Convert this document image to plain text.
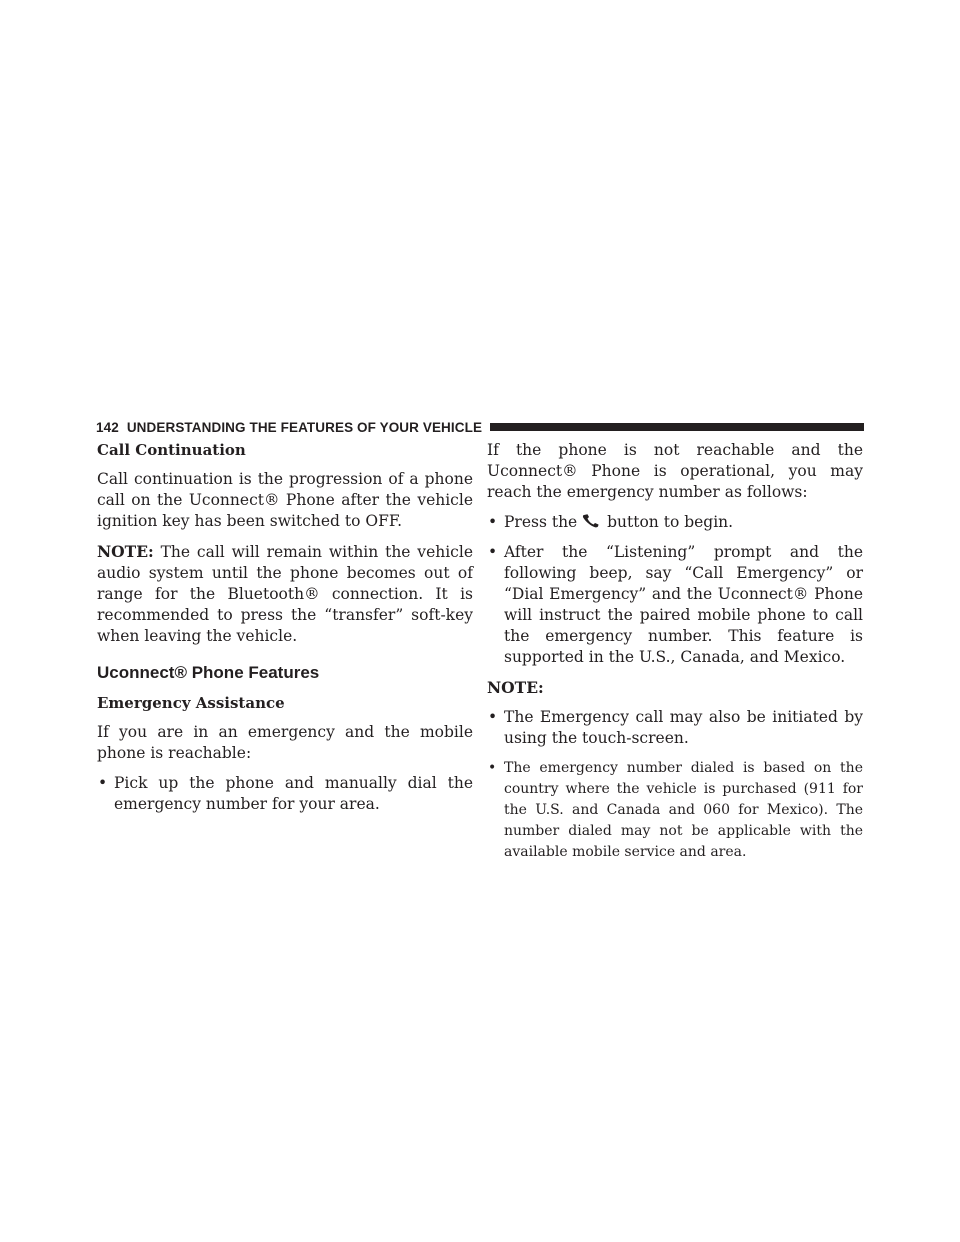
142 UNDERSTANDING THE FEATURES OF YOUR VEHICLE
Call Continuation

Call continuation is the progression of a phone call on the Uconnect® Phone after the vehicle ignition key has been switched to OFF.

NOTE: The call will remain within the vehicle audio system until the phone becomes out of range for the Bluetooth® connection. It is recommended to press the “transfer” soft-key when leaving the vehicle.

Uconnect® Phone Features
Emergency Assistance

If you are in an emergency and the mobile phone is reachable:

• Pick up the phone and manually dial the emergency number for your area.

If the phone is not reachable and the Uconnect® Phone is operational, you may reach the emergency number as follows:

• Press the button to begin.
• After the “Listening” prompt and the following beep, say “Call Emergency” or “Dial Emergency” and the Uconnect® Phone will instruct the paired mobile phone to call the emergency number. This feature is supported in the U.S., Canada, and Mexico.

NOTE:

• The Emergency call may also be initiated by using the touch-screen.
• The emergency number dialed is based on the country where the vehicle is purchased (911 for the U.S. and Canada and 060 for Mexico). The number dialed may not be applicable with the available mobile service and area.
